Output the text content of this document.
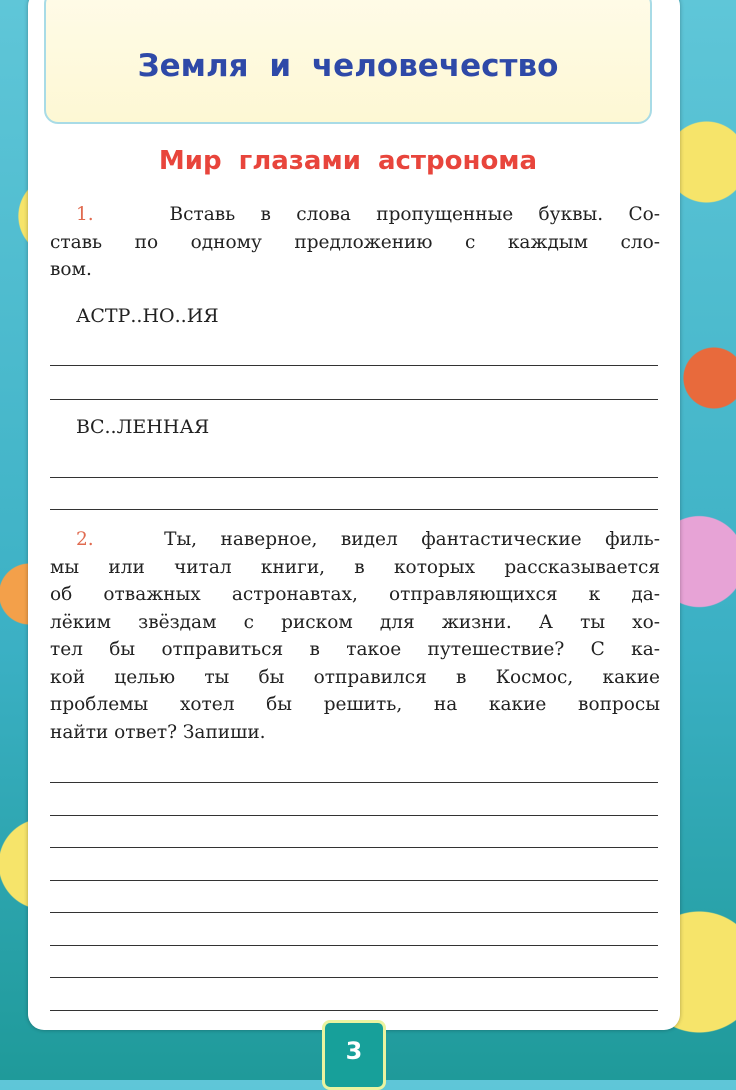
Земля и человечество
Мир глазами астронома
1.	Вставь в слова пропущенные буквы. Со-
ставь по одному предложению с каждым сло-
вом.
АСТР..НО..ИЯ
ВС..ЛЕННАЯ
2.	Ты, наверное, видел фантастические филь-
мы или читал книги, в которых рассказывается
об отважных астронавтах, отправляющихся к да-
лёким звёздам с риском для жизни. А ты хо-
тел бы отправиться в такое путешествие? С ка-
кой целью ты бы отправился в Космос, какие
проблемы хотел бы решить, на какие вопросы
найти ответ? Запиши.
3
